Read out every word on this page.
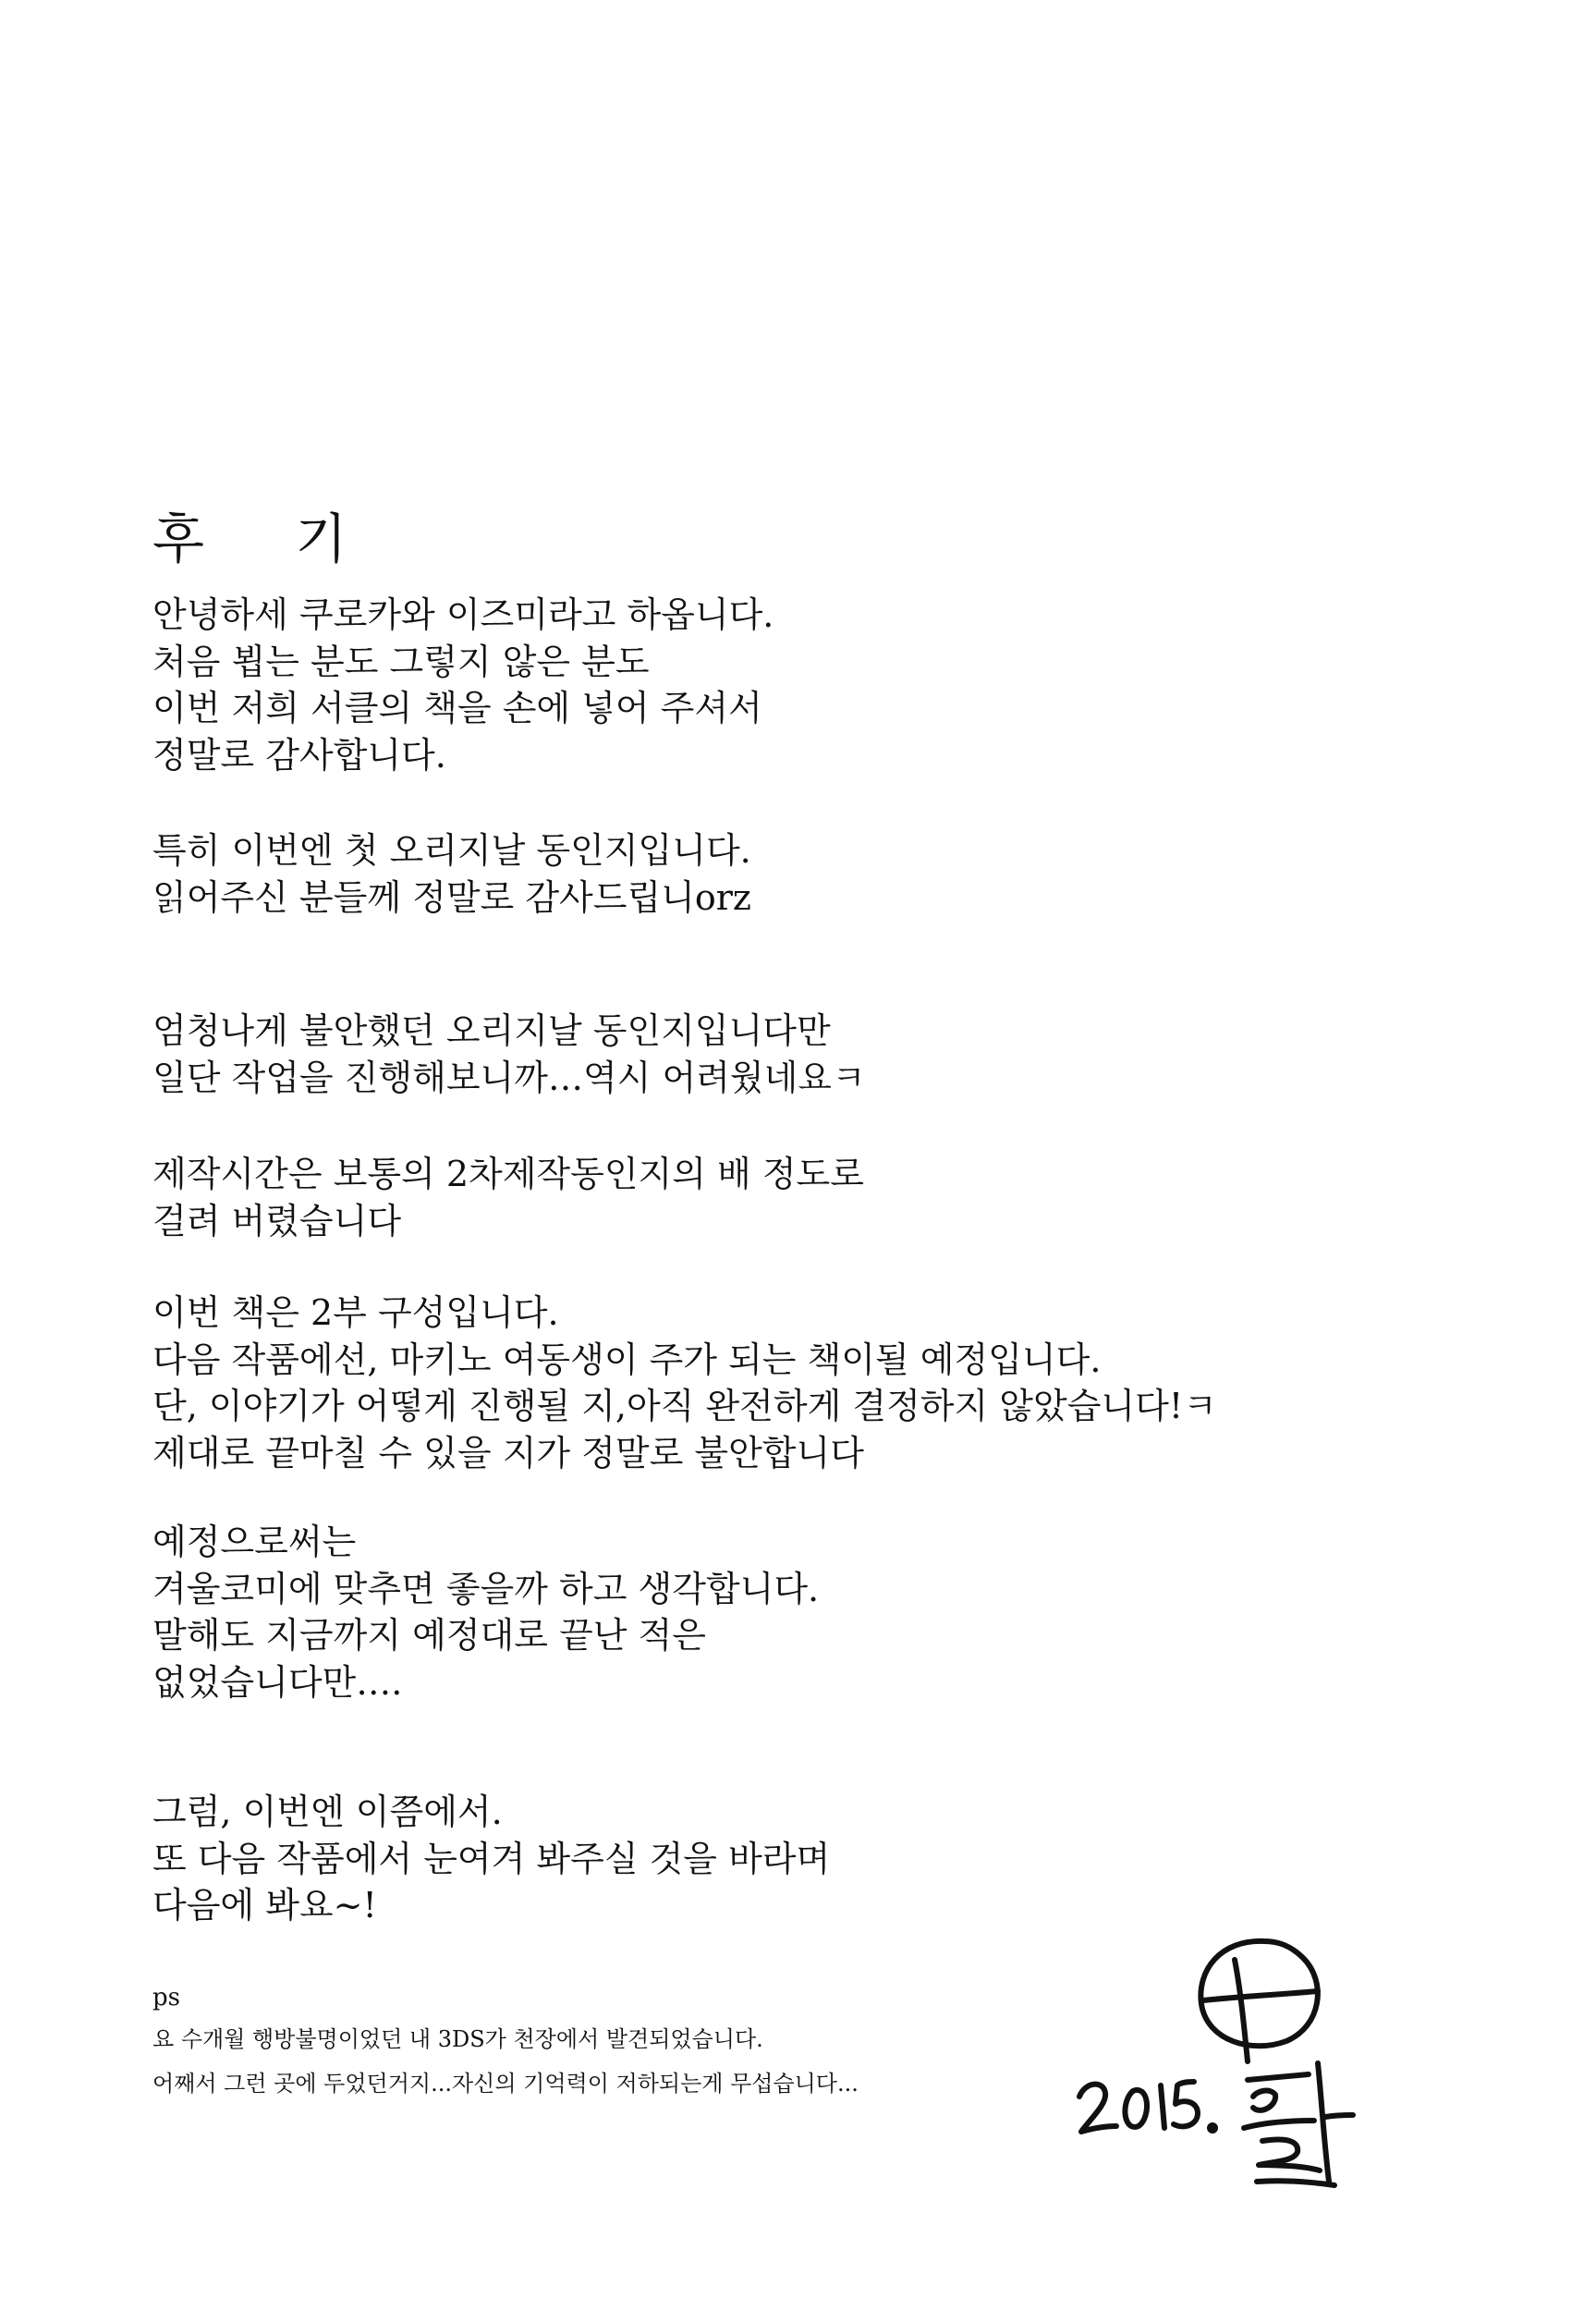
후 기

안녕하세 쿠로카와 이즈미라고 하옵니다.
처음 뵙는 분도 그렇지 않은 분도
이번 저희 서클의 책을 손에 넣어 주셔서
정말로 감사합니다.

특히 이번엔 첫 오리지날 동인지입니다.
읽어주신 분들께 정말로 감사드립니orz

엄청나게 불안했던 오리지날 동인지입니다만
일단 작업을 진행해보니까…역시 어려웠네요ㅋ

제작시간은 보통의 2차제작동인지의 배 정도로
걸려 버렸습니다

이번 책은 2부 구성입니다.
다음 작품에선, 마키노 여동생이 주가 되는 책이될 예정입니다.
단, 이야기가 어떻게 진행될 지,아직 완전하게 결정하지 않았습니다!ㅋ
제대로 끝마칠 수 있을 지가 정말로 불안합니다

예정으로써는
겨울코미에 맞추면 좋을까 하고 생각합니다.
말해도 지금까지 예정대로 끝난 적은
없었습니다만….

그럼, 이번엔 이쯤에서.
또 다음 작품에서 눈여겨 봐주실 것을 바라며
다음에 봐요~!

ps
요 수개월 행방불명이었던 내 3DS가 천장에서 발견되었습니다.
어째서 그런 곳에 두었던거지...자신의 기억력이 저하되는게 무섭습니다...
